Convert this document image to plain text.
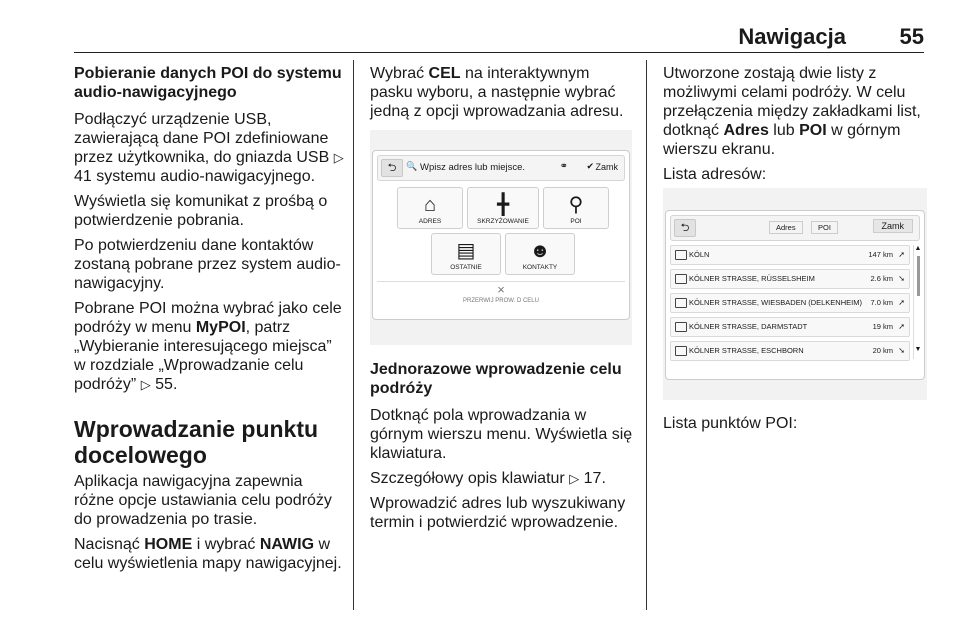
Nawigacja 55
Pobieranie danych POI do systemu audio-nawigacyjnego

Podłączyć urządzenie USB, zawierającą dane POI zdefiniowane przez użytkownika, do gniazda USB ▷ 41 systemu audio-nawigacyjnego.

Wyświetla się komunikat z prośbą o potwierdzenie pobrania.

Po potwierdzeniu dane kontaktów zostaną pobrane przez system audio-nawigacyjny.

Pobrane POI można wybrać jako cele podróży w menu MyPOI, patrz „Wybieranie interesującego miejsca” w rozdziale „Wprowadzanie celu podróży” ▷ 55.

Wprowadzanie punktu docelowego

Aplikacja nawigacyjna zapewnia różne opcje ustawiania celu podróży do prowadzenia po trasie.

Nacisnąć HOME i wybrać NAWIG w celu wyświetlenia mapy nawigacyjnej.

Wybrać CEL na interaktywnym pasku wyboru, a następnie wybrać jedną z opcji wprowadzania adresu.

⮌	🔍 Wpisz adres lub miejsce.	⚭ ✔ Zamk
⌂
ADRES
╋
SKRZYŻOWANIE
⚲
POI
▤
OSTATNIE
☻
KONTAKTY
×
PRZERWIJ PROW. D CELU
Jednorazowe wprowadzenie celu podróży

Dotknąć pola wprowadzania w górnym wierszu menu. Wyświetla się klawiatura.

Szczegółowy opis klawiatur ▷ 17.

Wprowadzić adres lub wyszukiwany termin i potwierdzić wprowadzenie.

Utworzone zostają dwie listy z możliwymi celami podróży. W celu przełączenia między zakładkami list, dotknąć Adres lub POI w górnym wierszu ekranu.

Lista adresów:

⮌	Adres	POI	Zamk
KÖLN	147 km ➚
KÖLNER STRASSE, RÜSSELSHEIM	2.6 km ➘
KÖLNER STRASSE, WIESBADEN (DELKENHEIM) 7.0 km ➚
KÖLNER STRASSE, DARMSTADT	19 km ➚
KÖLNER STRASSE, ESCHBORN	20 km ➘
▲
▼

Lista punktów POI:
